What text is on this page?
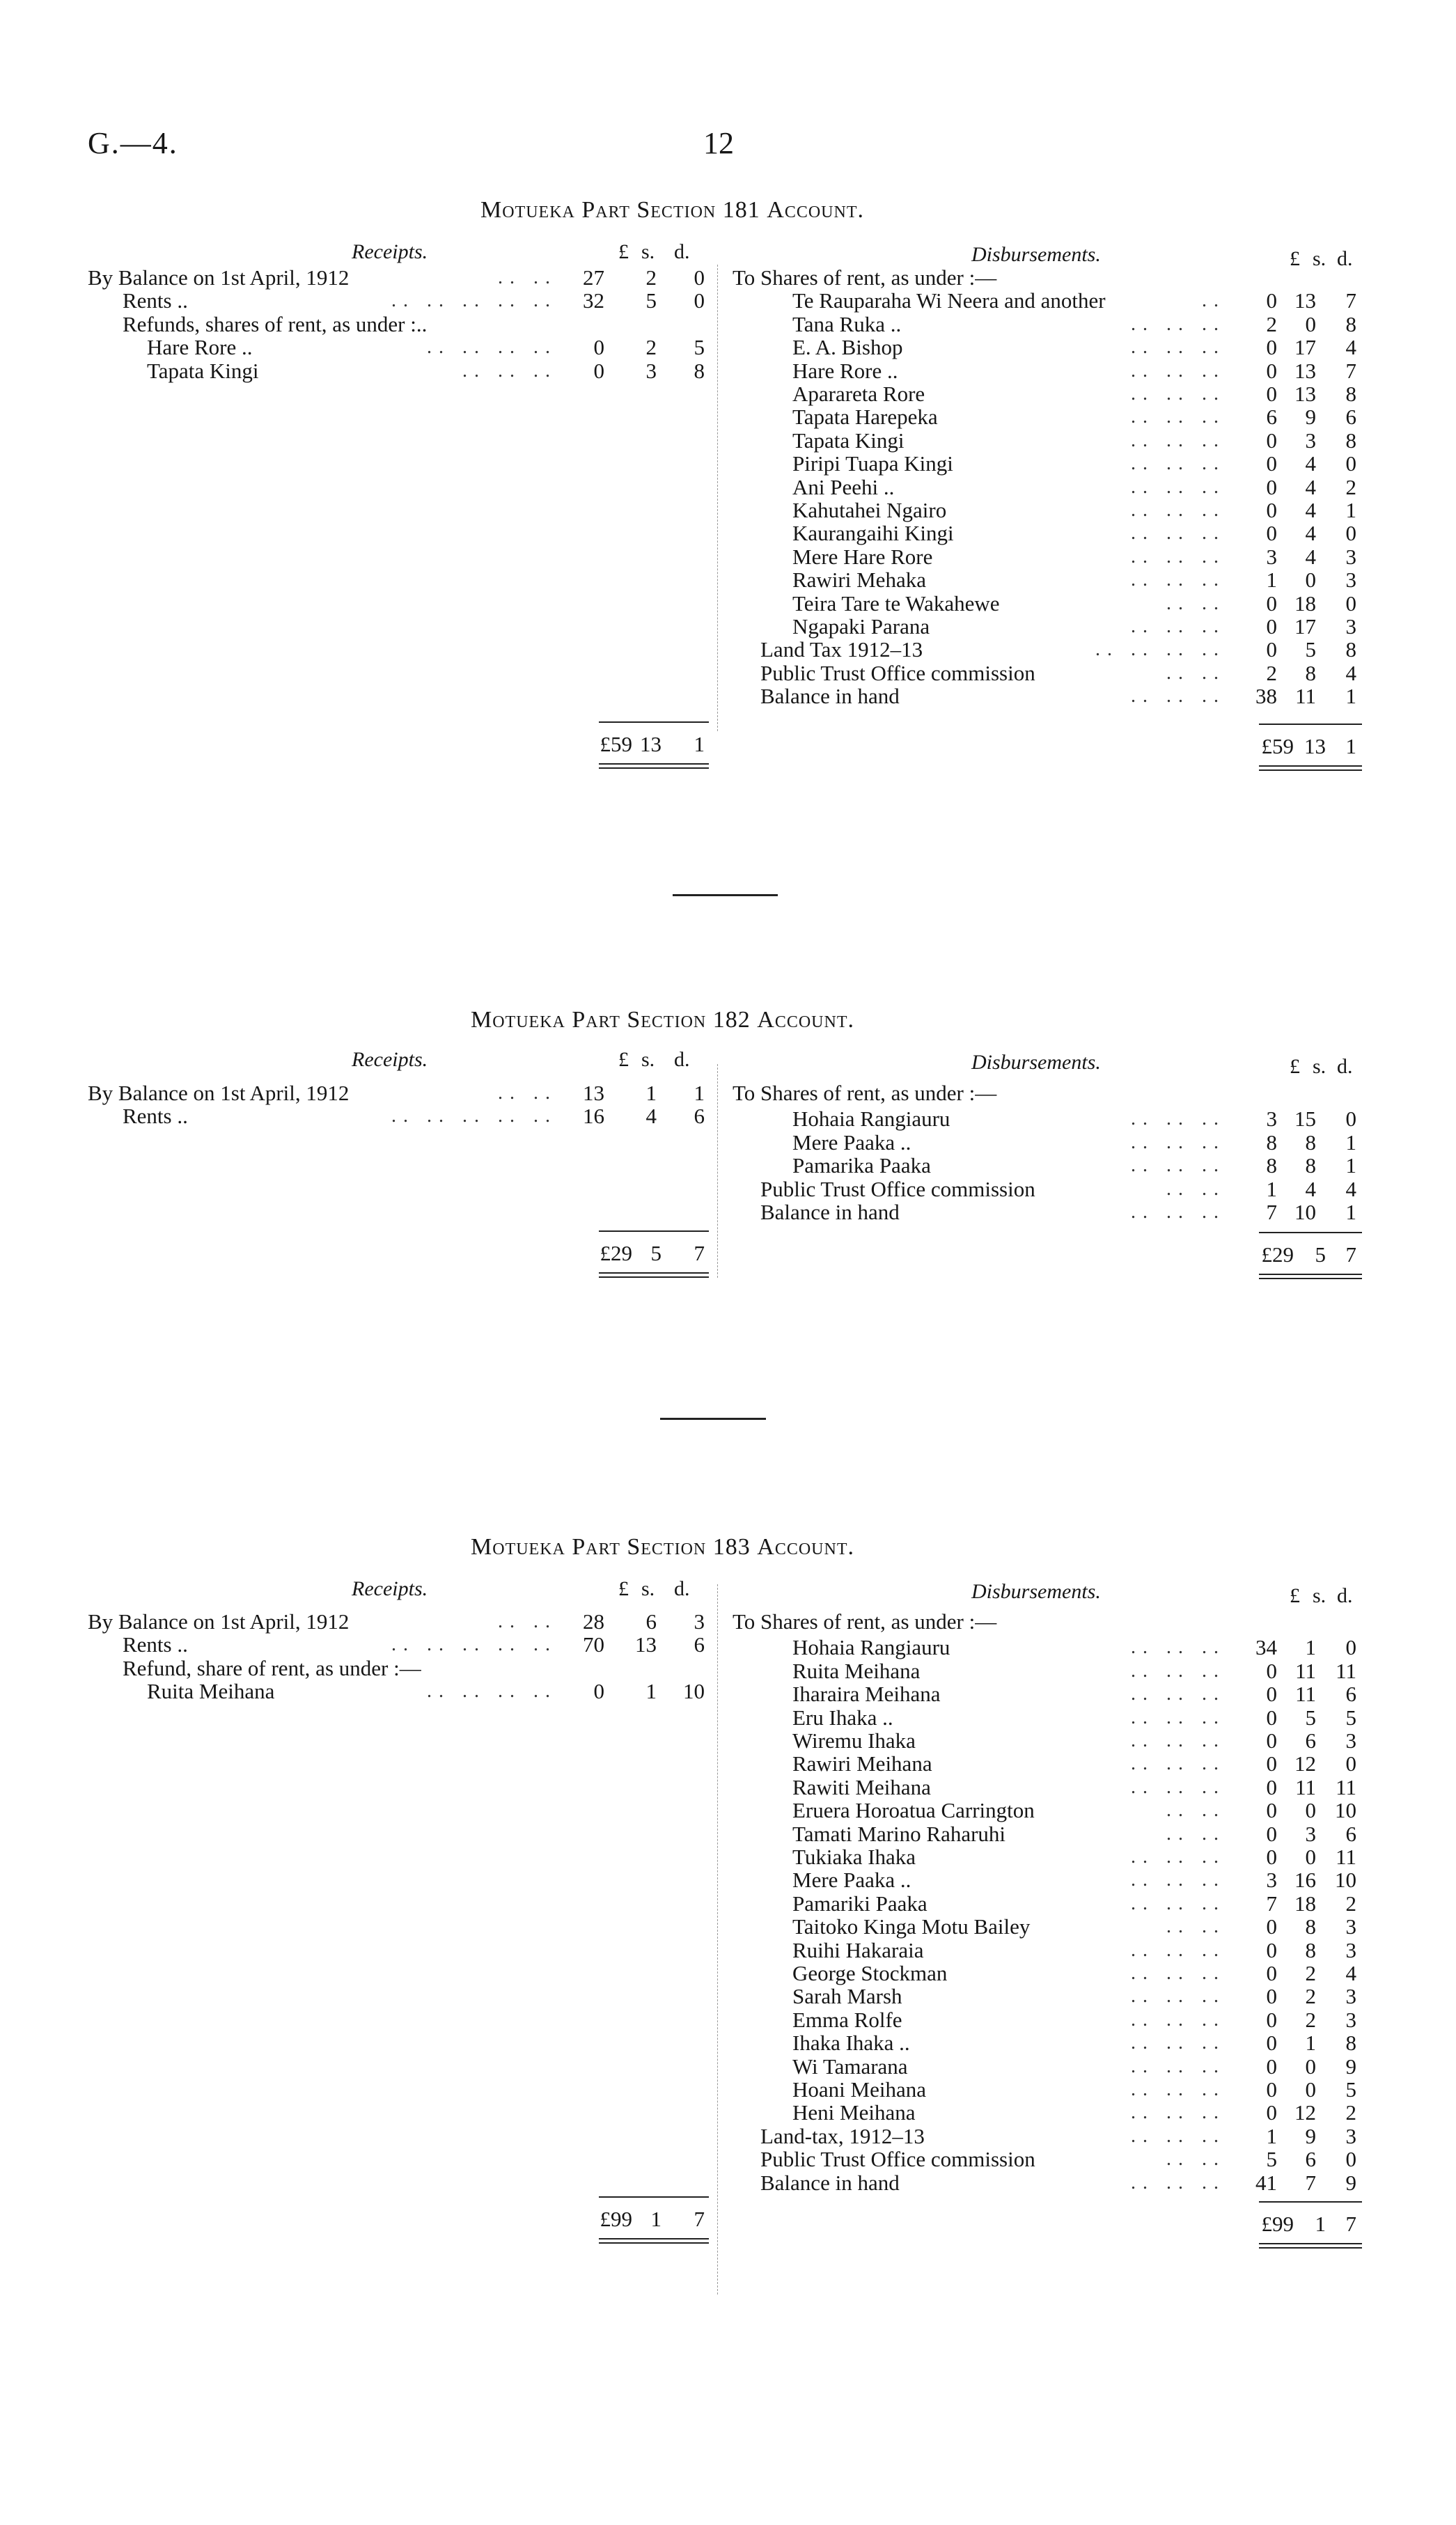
G.—4.	12
Motueka Part Section 181 Account.
Receipts.	Disbursements.
£	£
s.	s.
d.	d.
By Balance on 1st April, 1912	.. ..	27	2	0
Rents ..	.. .. .. .. ..	32	5	0
Refunds, shares of rent, as under :..
Hare Rore ..	.. .. .. ..	0	2	5
Tapata Kingi	.. .. ..	0	3	8
To Shares of rent, as under :—
Te Rauparaha Wi Neera and another	..	0 13	7
Tana Ruka ..	.. .. ..	2	0	8
E. A. Bishop	.. .. ..	0 17	4
Hare Rore ..	.. .. ..	0 13	7
Aparareta Rore	.. .. ..	0 13	8
Tapata Harepeka	.. .. ..	6	9	6
Tapata Kingi	.. .. ..	0	3	8
Piripi Tuapa Kingi	.. .. ..	0	4	0
Ani Peehi ..	.. .. ..	0	4	2
Kahutahei Ngairo	.. .. ..	0	4	1
Kaurangaihi Kingi	.. .. ..	0	4	0
Mere Hare Rore	.. .. ..	3	4	3
Rawiri Mehaka	.. .. ..	1	0	3
Teira Tare te Wakahewe	.. ..	0 18	0
Ngapaki Parana	.. .. ..	0 17	3
Land Tax 1912–13	.. .. .. ..	0	5	8
Public Trust Office commission	.. ..	2	8	4
Balance in hand	.. .. ..	38 11	1
£59 13	1	£59 13 1
Motueka Part Section 182 Account.
Receipts.	Disbursements.
£	£
s.	s.
d.	d.
By Balance on 1st April, 1912	.. ..	13	1	1
Rents ..	.. .. .. .. ..	16	4	6
To Shares of rent, as under :—
Hohaia Rangiauru	.. .. ..	3 15	0
Mere Paaka ..	.. .. ..	8	8	1
Pamarika Paaka	.. .. ..	8	8	1
Public Trust Office commission	.. ..	1	4	4
Balance in hand	.. .. ..	7 10	1
£29 5	7	£29 5 7
Motueka Part Section 183 Account.
Receipts.	Disbursements.
£	£
s.	s.
d.	d.
By Balance on 1st April, 1912	.. ..	28	6	3
Rents ..	.. .. .. .. ..	70	13	6
Refund, share of rent, as under :—
Ruita Meihana	.. .. .. ..	0	1	10
To Shares of rent, as under :—
Hohaia Rangiauru	.. .. ..	34	1	0
Ruita Meihana	.. .. ..	0 11 11
Iharaira Meihana	.. .. ..	0 11	6
Eru Ihaka ..	.. .. ..	0	5	5
Wiremu Ihaka	.. .. ..	0	6	3
Rawiri Meihana	.. .. ..	0 12	0
Rawiti Meihana	.. .. ..	0 11 11
Eruera Horoatua Carrington	.. ..	0	0 10
Tamati Marino Raharuhi	.. ..	0	3	6
Tukiaka Ihaka	.. .. ..	0	0 11
Mere Paaka ..	.. .. ..	3 16 10
Pamariki Paaka	.. .. ..	7 18	2
Taitoko Kinga Motu Bailey	.. ..	0	8	3
Ruihi Hakaraia	.. .. ..	0	8	3
George Stockman	.. .. ..	0	2	4
Sarah Marsh	.. .. ..	0	2	3
Emma Rolfe	.. .. ..	0	2	3
Ihaka Ihaka ..	.. .. ..	0	1	8
Wi Tamarana	.. .. ..	0	0	9
Hoani Meihana	.. .. ..	0	0	5
Heni Meihana	.. .. ..	0 12	2
Land-tax, 1912–13	.. .. ..	1	9	3
Public Trust Office commission	.. ..	5	6	0
Balance in hand	.. .. ..	41	7	9
£99 1	7	£99 1 7
